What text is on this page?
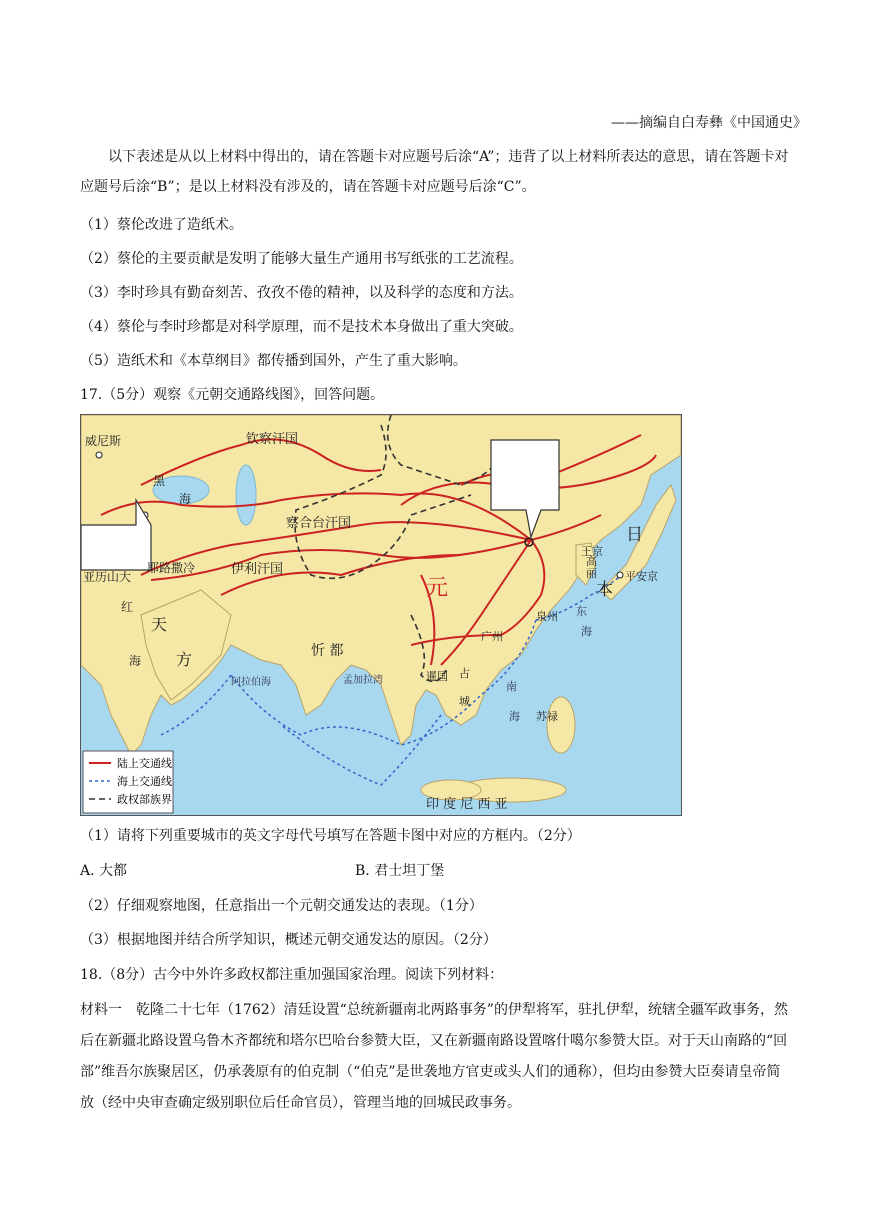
——摘编自白寿彝《中国通史》
以下表述是从以上材料中得出的，请在答题卡对应题号后涂“A”；违背了以上材料所表达的意思，请在答题卡对应题号后涂“B”；是以上材料没有涉及的，请在答题卡对应题号后涂“C”。
（1）蔡伦改进了造纸术。
（2）蔡伦的主要贡献是发明了能够大量生产通用书写纸张的工艺流程。
（3）李时珍具有勤奋刻苦、孜孜不倦的精神，以及科学的态度和方法。
（4）蔡伦与李时珍都是对科学原理，而不是技术本身做出了重大突破。
（5）造纸术和《本草纲目》都传播到国外，产生了重大影响。
17.（5分）观察《元朝交通路线图》，回答问题。
威尼斯	钦察汗国
黑
海
察合台汗国
伊利汗国
耶路撒冷
亚历山大
红
海
天
方
元
忻 都
阿拉伯海	孟加拉湾
王京
高
丽
日
本
平安京
泉州
广州
暹国 占
城
东
海
南
海 苏禄
印 度 尼 西 亚
陆上交通线
海上交通线
政权部族界
（1）请将下列重要城市的英文字母代号填写在答题卡图中对应的方框内。（2分）
A. 大都	B. 君士坦丁堡
（2）仔细观察地图，任意指出一个元朝交通发达的表现。（1分）
（3）根据地图并结合所学知识，概述元朝交通发达的原因。（2分）
18.（8分）古今中外许多政权都注重加强国家治理。阅读下列材料：
材料一　乾隆二十七年（1762）清廷设置“总统新疆南北两路事务”的伊犁将军，驻扎伊犁，统辖全疆军政事务，然后在新疆北路设置乌鲁木齐都统和塔尔巴哈台参赞大臣，又在新疆南路设置喀什噶尔参赞大臣。对于天山南路的“回部”维吾尔族聚居区，仍承袭原有的伯克制（“伯克”是世袭地方官吏或头人们的通称），但均由参赞大臣奏请皇帝简放（经中央审查确定级别职位后任命官员），管理当地的回城民政事务。
